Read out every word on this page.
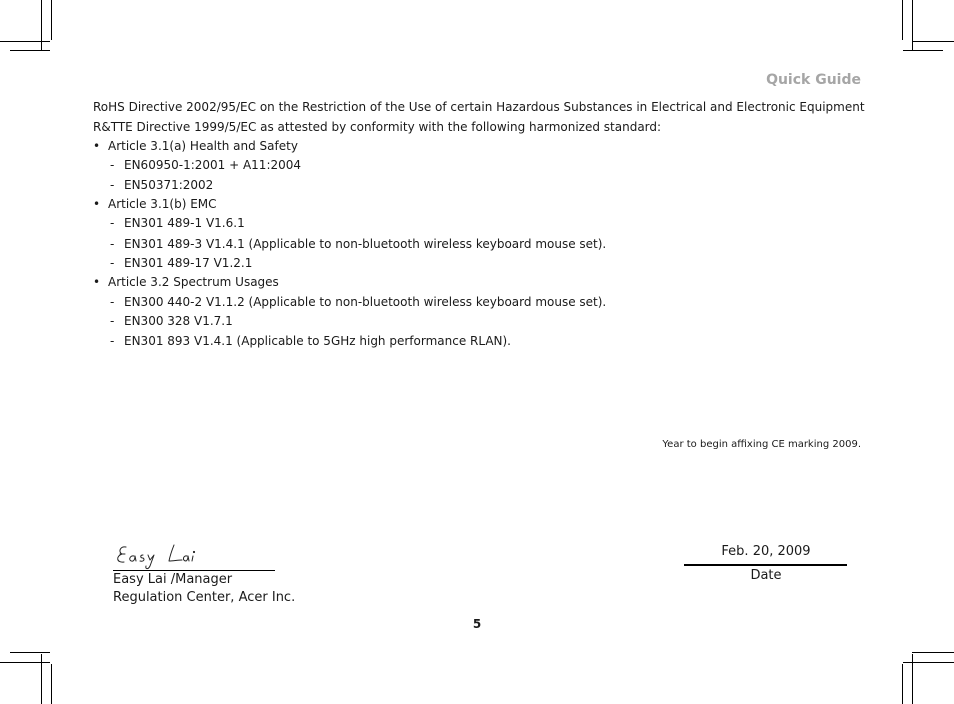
Quick Guide
RoHS Directive 2002/95/EC on the Restriction of the Use of certain Hazardous Substances in Electrical and Electronic Equipment
R&TTE Directive 1999/5/EC as attested by conformity with the following harmonized standard:
• Article 3.1(a) Health and Safety
- EN60950-1:2001 + A11:2004
- EN50371:2002
• Article 3.1(b) EMC
- EN301 489-1 V1.6.1
- EN301 489-3 V1.4.1 (Applicable to non-bluetooth wireless keyboard mouse set).
- EN301 489-17 V1.2.1
• Article 3.2 Spectrum Usages
- EN300 440-2 V1.1.2 (Applicable to non-bluetooth wireless keyboard mouse set).
- EN300 328 V1.7.1
- EN301 893 V1.4.1 (Applicable to 5GHz high performance RLAN).
Year to begin affixing CE marking 2009.
Easy Lai /Manager
Regulation Center, Acer Inc.
Feb. 20, 2009
Date
5
